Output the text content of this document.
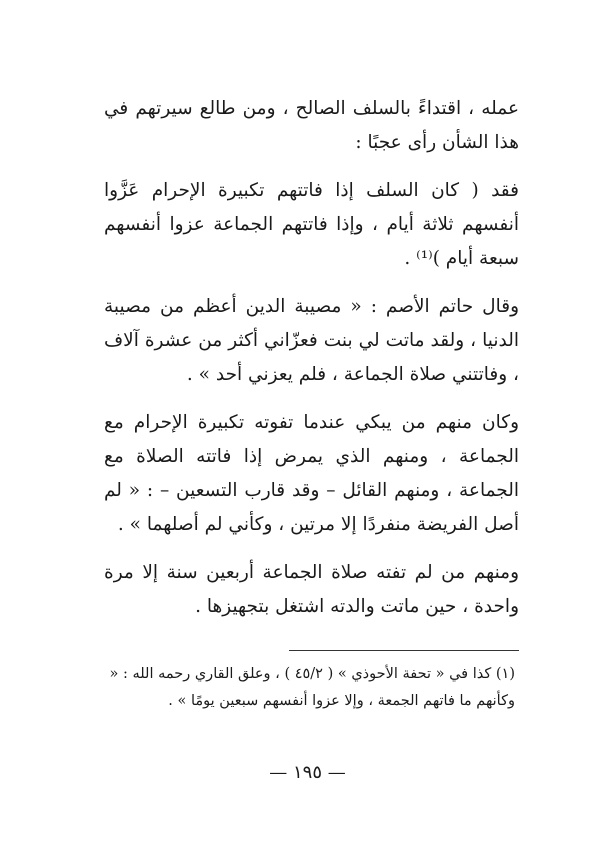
عمله ، اقتداءً بالسلف الصالح ، ومن طالع سيرتهم في هذا الشأن رأى عجبًا :

فقد ( كان السلف إذا فاتتهم تكبيرة الإحرام عَزَّوا أنفسهم ثلاثة أيام ، وإذا فاتتهم الجماعة عزوا أنفسهم سبعة أيام )⁽¹⁾ .

وقال حاتم الأصم : « مصيبة الدين أعظم من مصيبة الدنيا ، ولقد ماتت لي بنت فعزّاني أكثر من عشرة آلاف ، وفاتتني صلاة الجماعة ، فلم يعزني أحد » .

وكان منهم من يبكي عندما تفوته تكبيرة الإحرام مع الجماعة ، ومنهم الذي يمرض إذا فاتته الصلاة مع الجماعة ، ومنهم القائل – وقد قارب التسعين – : « لم أصل الفريضة منفردًا إلا مرتين ، وكأني لم أصلهما » .

ومنهم من لم تفته صلاة الجماعة أربعين سنة إلا مرة واحدة ، حين ماتت والدته اشتغل بتجهيزها .

(١) كذا في « تحفة الأحوذي » ( ٤٥/٢ ) ، وعلق القاري رحمه الله : « وكأنهم ما فاتهم الجمعة ، وإلا عزوا أنفسهم سبعين يومًا » .

— ١٩٥ —
